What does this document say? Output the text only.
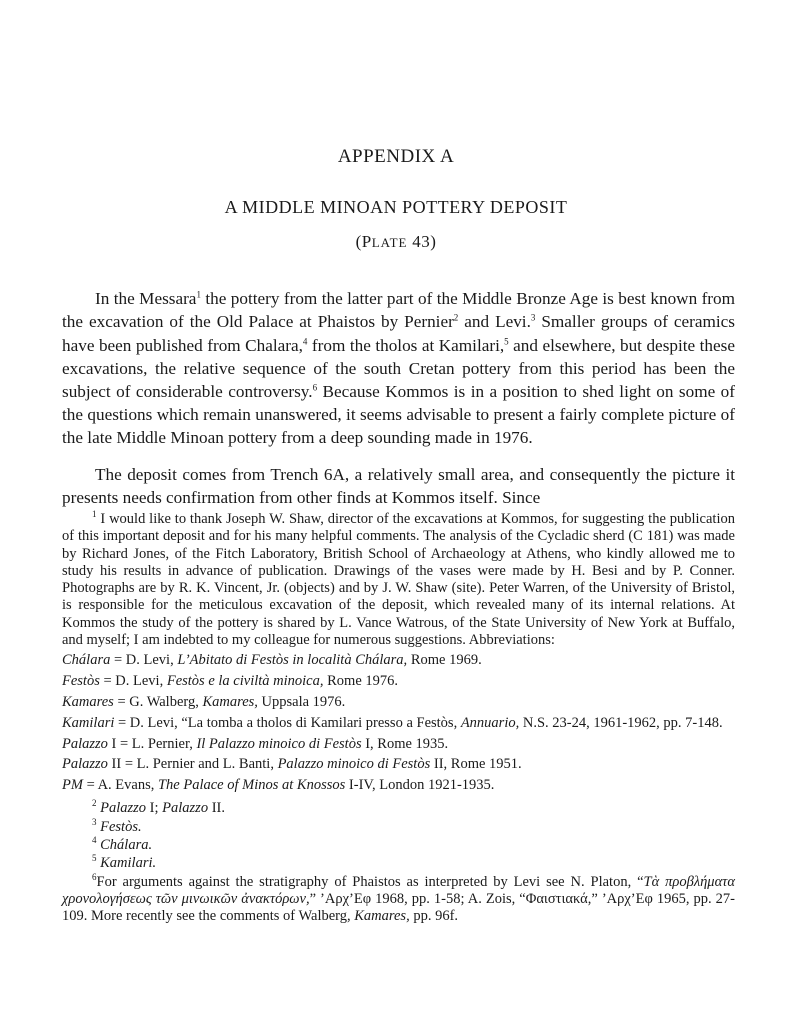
APPENDIX A
A MIDDLE MINOAN POTTERY DEPOSIT
(PLATE 43)

In the Messara$^1$ the pottery from the latter part of the Middle Bronze Age is best known from the excavation of the Old Palace at Phaistos by Pernier$^2$ and Levi.$^3$ Smaller groups of ceramics have been published from Chalara,$^4$ from the tholos at Kamilari,$^5$ and elsewhere, but despite these excavations, the relative sequence of the south Cretan pottery from this period has been the subject of considerable controversy.$^6$ Because Kommos is in a position to shed light on some of the questions which remain unanswered, it seems advisable to present a fairly complete picture of the late Middle Minoan pottery from a deep sounding made in 1976.

The deposit comes from Trench 6A, a relatively small area, and consequently the picture it presents needs confirmation from other finds at Kommos itself. Since

$^1$ I would like to thank Joseph W. Shaw, director of the excavations at Kommos, for suggesting the publication of this important deposit and for his many helpful comments. The analysis of the Cycladic sherd (C 181) was made by Richard Jones, of the Fitch Laboratory, British School of Archaeology at Athens, who kindly allowed me to study his results in advance of publication. Drawings of the vases were made by H. Besi and by P. Conner. Photographs are by R. K. Vincent, Jr. (objects) and by J. W. Shaw (site). Peter Warren, of the University of Bristol, is responsible for the meticulous excavation of the deposit, which revealed many of its internal relations. At Kommos the study of the pottery is shared by L. Vance Watrous, of the State University of New York at Buffalo, and myself; I am indebted to my colleague for numerous suggestions. Abbreviations:

Chálara = D. Levi, L’Abitato di Festòs in località Chálara, Rome 1969.
Festòs = D. Levi, Festòs e la civiltà minoica, Rome 1976.
Kamares = G. Walberg, Kamares, Uppsala 1976.
Kamilari = D. Levi, “La tomba a tholos di Kamilari presso a Festòs, Annuario, N.S. 23-24, 1961-1962, pp. 7-148.
Palazzo I = L. Pernier, Il Palazzo minoico di Festòs I, Rome 1935.
Palazzo II = L. Pernier and L. Banti, Palazzo minoico di Festòs II, Rome 1951.
PM = A. Evans, The Palace of Minos at Knossos I-IV, London 1921-1935.
$^2$ Palazzo I; Palazzo II.
$^3$ Festòs.
$^4$ Chálara.
$^5$ Kamilari.

$^6$For arguments against the stratigraphy of Phaistos as interpreted by Levi see N. Platon, “Τὰ προβλήματα χρονολογήσεως τῶν μινωικῶν ἀνακτόρων,” ’Αρχ’Εφ 1968, pp. 1-58; A. Zois, “Φαιστιακά,” ’Αρχ’Εφ 1965, pp. 27-109. More recently see the comments of Walberg, Kamares, pp. 96f.
